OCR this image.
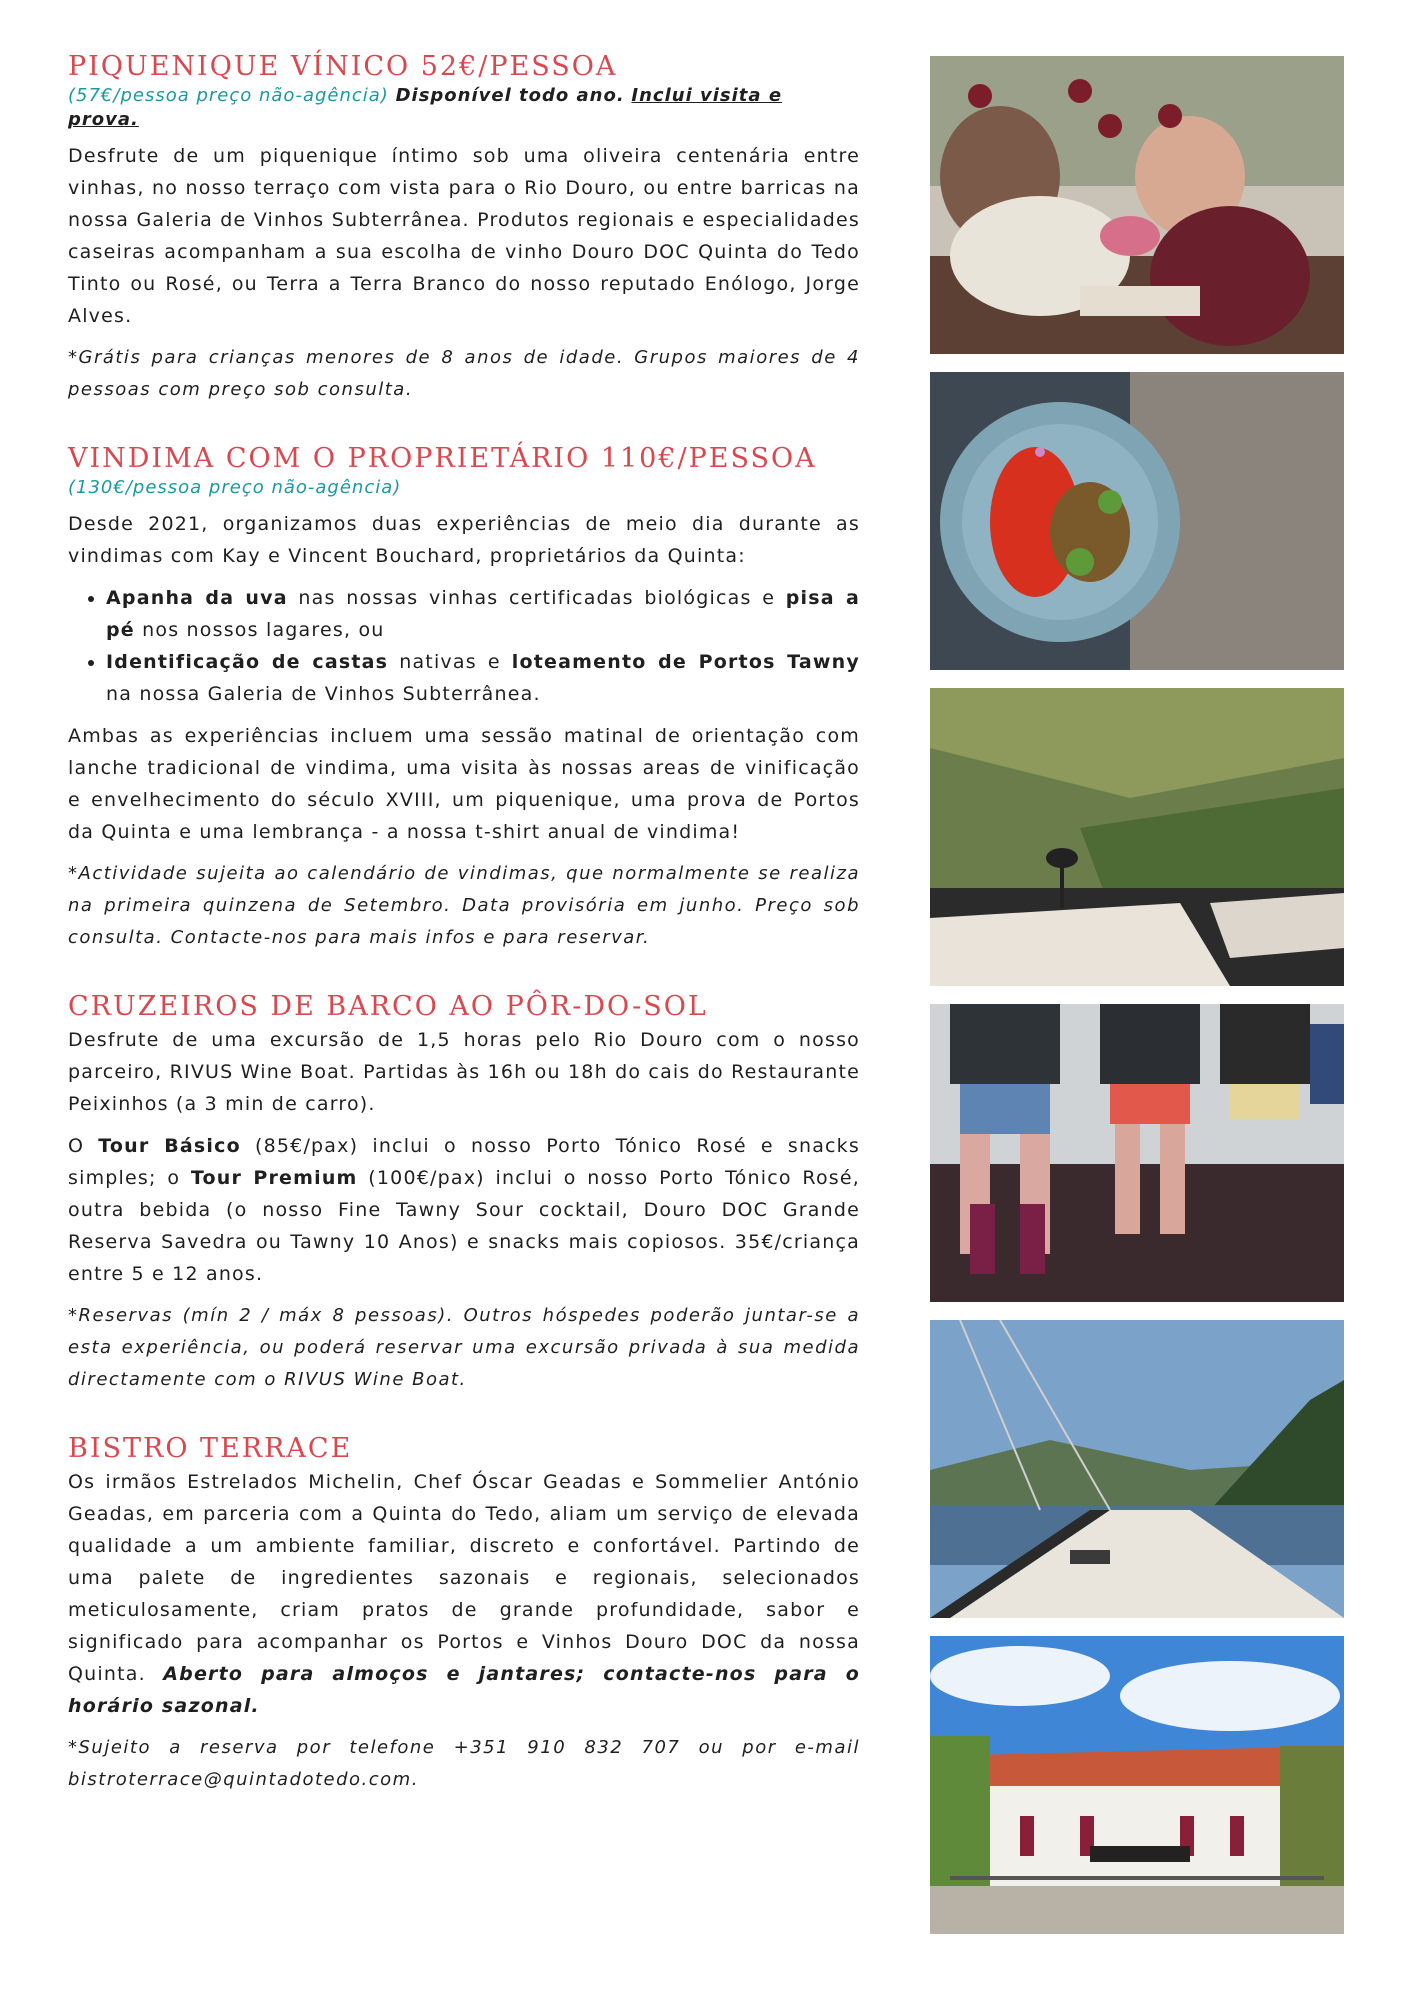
PIQUENIQUE VÍNICO 52€/PESSOA
(57€/pessoa preço não-agência) Disponível todo ano. Inclui visita e prova.

Desfrute de um piquenique íntimo sob uma oliveira centenária entre vinhas, no nosso terraço com vista para o Rio Douro, ou entre barricas na nossa Galeria de Vinhos Subterrânea. Produtos regionais e especialidades caseiras acompanham a sua escolha de vinho Douro DOC Quinta do Tedo Tinto ou Rosé, ou Terra a Terra Branco do nosso reputado Enólogo, Jorge Alves.

*Grátis para crianças menores de 8 anos de idade. Grupos maiores de 4 pessoas com preço sob consulta.

VINDIMA COM O PROPRIETÁRIO 110€/PESSOA
(130€/pessoa preço não-agência)

Desde 2021, organizamos duas experiências de meio dia durante as vindimas com Kay e Vincent Bouchard, proprietários da Quinta:

• Apanha da uva nas nossas vinhas certificadas biológicas e pisa a pé nos nossos lagares, ou
• Identificação de castas nativas e loteamento de Portos Tawny na nossa Galeria de Vinhos Subterrânea.

Ambas as experiências incluem uma sessão matinal de orientação com lanche tradicional de vindima, uma visita às nossas areas de vinificação e envelhecimento do século XVIII, um piquenique, uma prova de Portos da Quinta e uma lembrança - a nossa t-shirt anual de vindima!

*Actividade sujeita ao calendário de vindimas, que normalmente se realiza na primeira quinzena de Setembro. Data provisória em junho. Preço sob consulta. Contacte-nos para mais infos e para reservar.

CRUZEIROS DE BARCO AO PÔR-DO-SOL

Desfrute de uma excursão de 1,5 horas pelo Rio Douro com o nosso parceiro, RIVUS Wine Boat. Partidas às 16h ou 18h do cais do Restaurante Peixinhos (a 3 min de carro).

O Tour Básico (85€/pax) inclui o nosso Porto Tónico Rosé e snacks simples; o Tour Premium (100€/pax) inclui o nosso Porto Tónico Rosé, outra bebida (o nosso Fine Tawny Sour cocktail, Douro DOC Grande Reserva Savedra ou Tawny 10 Anos) e snacks mais copiosos. 35€/criança entre 5 e 12 anos.

*Reservas (mín 2 / máx 8 pessoas). Outros hóspedes poderão juntar-se a esta experiência, ou poderá reservar uma excursão privada à sua medida directamente com o RIVUS Wine Boat.

BISTRO TERRACE

Os irmãos Estrelados Michelin, Chef Óscar Geadas e Sommelier António Geadas, em parceria com a Quinta do Tedo, aliam um serviço de elevada qualidade a um ambiente familiar, discreto e confortável. Partindo de uma palete de ingredientes sazonais e regionais, selecionados meticulosamente, criam pratos de grande profundidade, sabor e significado para acompanhar os Portos e Vinhos Douro DOC da nossa Quinta. Aberto para almoços e jantares; contacte-nos para o horário sazonal.

*Sujeito a reserva por telefone +351 910 832 707 ou por e-mail bistroterrace@quintadotedo.com.
